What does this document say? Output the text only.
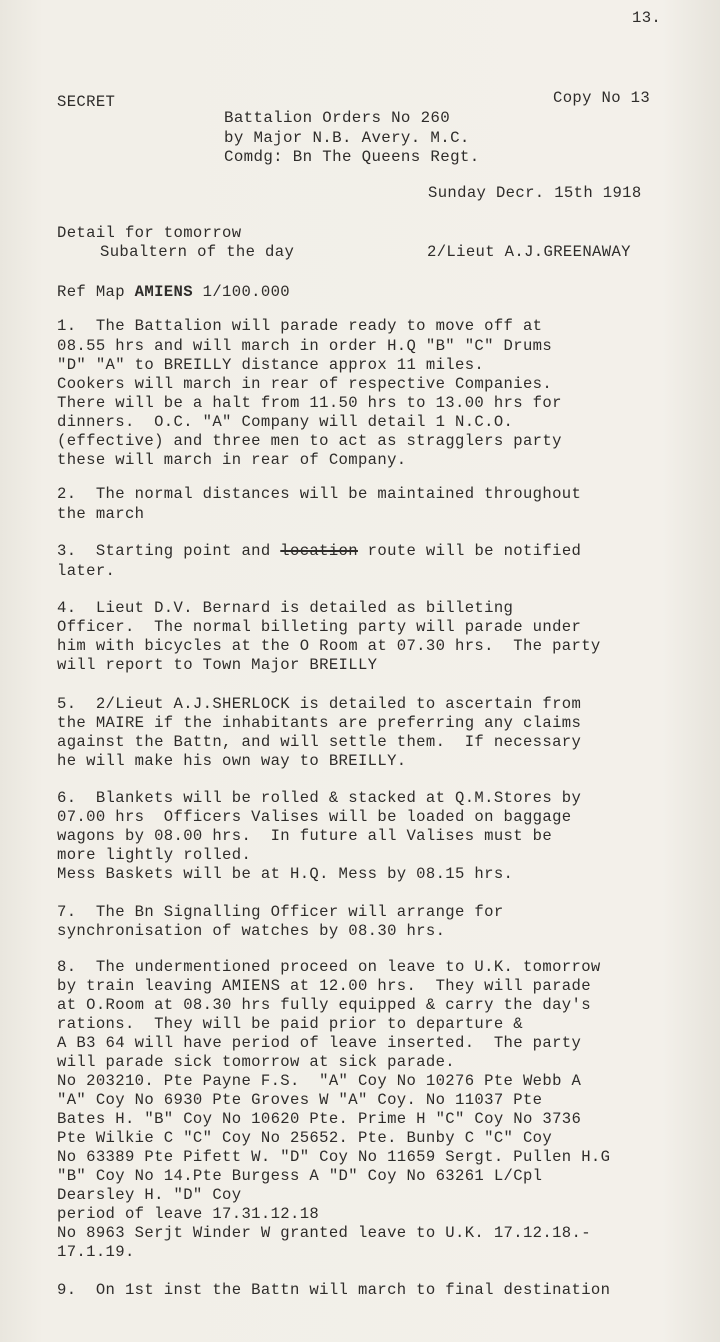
13.
SECRET	Copy No 13
Battalion Orders No 260
by Major N.B. Avery. M.C.
Comdg: Bn The Queens Regt.
Sunday Decr. 15th 1918
Detail for tomorrow
Subaltern of the day	2/Lieut A.J.GREENAWAY
Ref Map AMIENS 1/100.000
1.  The Battalion will parade ready to move off at
08.55 hrs and will march in order H.Q "B" "C" Drums
"D" "A" to BREILLY distance approx 11 miles.
Cookers will march in rear of respective Companies.
There will be a halt from 11.50 hrs to 13.00 hrs for
dinners.  O.C. "A" Company will detail 1 N.C.O.
(effective) and three men to act as stragglers party
these will march in rear of Company.
2.  The normal distances will be maintained throughout
the march
3.  Starting point and location route will be notified
later.
4.  Lieut D.V. Bernard is detailed as billeting
Officer.  The normal billeting party will parade under
him with bicycles at the O Room at 07.30 hrs.  The party
will report to Town Major BREILLY
5.  2/Lieut A.J.SHERLOCK is detailed to ascertain from
the MAIRE if the inhabitants are preferring any claims
against the Battn, and will settle them.  If necessary
he will make his own way to BREILLY.
6.  Blankets will be rolled & stacked at Q.M.Stores by
07.00 hrs  Officers Valises will be loaded on baggage
wagons by 08.00 hrs.  In future all Valises must be
more lightly rolled.
Mess Baskets will be at H.Q. Mess by 08.15 hrs.
7.  The Bn Signalling Officer will arrange for
synchronisation of watches by 08.30 hrs.
8.  The undermentioned proceed on leave to U.K. tomorrow
by train leaving AMIENS at 12.00 hrs.  They will parade
at O.Room at 08.30 hrs fully equipped & carry the day's
rations.  They will be paid prior to departure &
A B3 64 will have period of leave inserted.  The party
will parade sick tomorrow at sick parade.
No 203210. Pte Payne F.S.  "A" Coy No 10276 Pte Webb A
"A" Coy No 6930 Pte Groves W "A" Coy. No 11037 Pte
Bates H. "B" Coy No 10620 Pte. Prime H "C" Coy No 3736
Pte Wilkie C "C" Coy No 25652. Pte. Bunby C "C" Coy
No 63389 Pte Pifett W. "D" Coy No 11659 Sergt. Pullen H.G
"B" Coy No 14.Pte Burgess A "D" Coy No 63261 L/Cpl
Dearsley H. "D" Coy
period of leave 17.31.12.18
No 8963 Serjt Winder W granted leave to U.K. 17.12.18.-
17.1.19.
9.  On 1st inst the Battn will march to final destination
